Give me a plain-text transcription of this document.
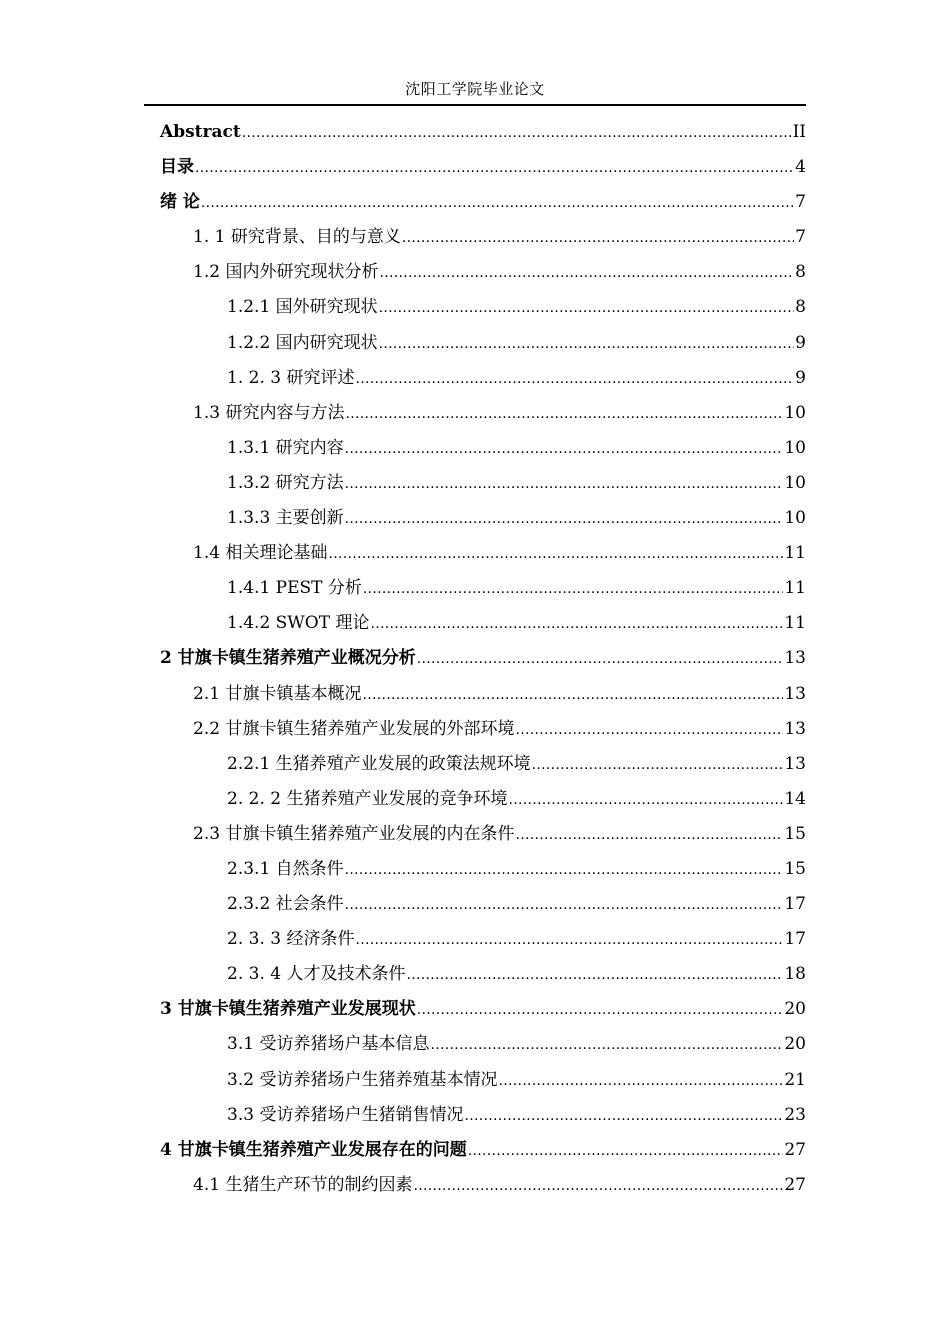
沈阳工学院毕业论文
Abstract .....	II
目录 .....	4
绪 论 .....	7
1. 1 研究背景、目的与意义 .....	7
1.2 国内外研究现状分析 .....	8
1.2.1 国外研究现状 .....	8
1.2.2 国内研究现状 .....	9
1. 2. 3 研究评述 .....	9
1.3 研究内容与方法 .....	10
1.3.1 研究内容 .....	10
1.3.2 研究方法 .....	10
1.3.3 主要创新 .....	10
1.4 相关理论基础 .....	11
1.4.1 PEST 分析 .....	11
1.4.2 SWOT 理论 .....	11
2 甘旗卡镇生猪养殖产业概况分析 .....	13
2.1 甘旗卡镇基本概况 .....	13
2.2 甘旗卡镇生猪养殖产业发展的外部环境 .....	13
2.2.1 生猪养殖产业发展的政策法规环境 .....	13
2. 2. 2 生猪养殖产业发展的竞争环境 .....	14
2.3 甘旗卡镇生猪养殖产业发展的内在条件 .....	15
2.3.1 自然条件 .....	15
2.3.2 社会条件 .....	17
2. 3. 3 经济条件 .....	17
2. 3. 4 人才及技术条件 .....	18
3 甘旗卡镇生猪养殖产业发展现状 .....	20
3.1 受访养猪场户基本信息 .....	20
3.2 受访养猪场户生猪养殖基本情况 .....	21
3.3 受访养猪场户生猪销售情况 .....	23
4 甘旗卡镇生猪养殖产业发展存在的问题 .....	27
4.1 生猪生产环节的制约因素 .....	27
